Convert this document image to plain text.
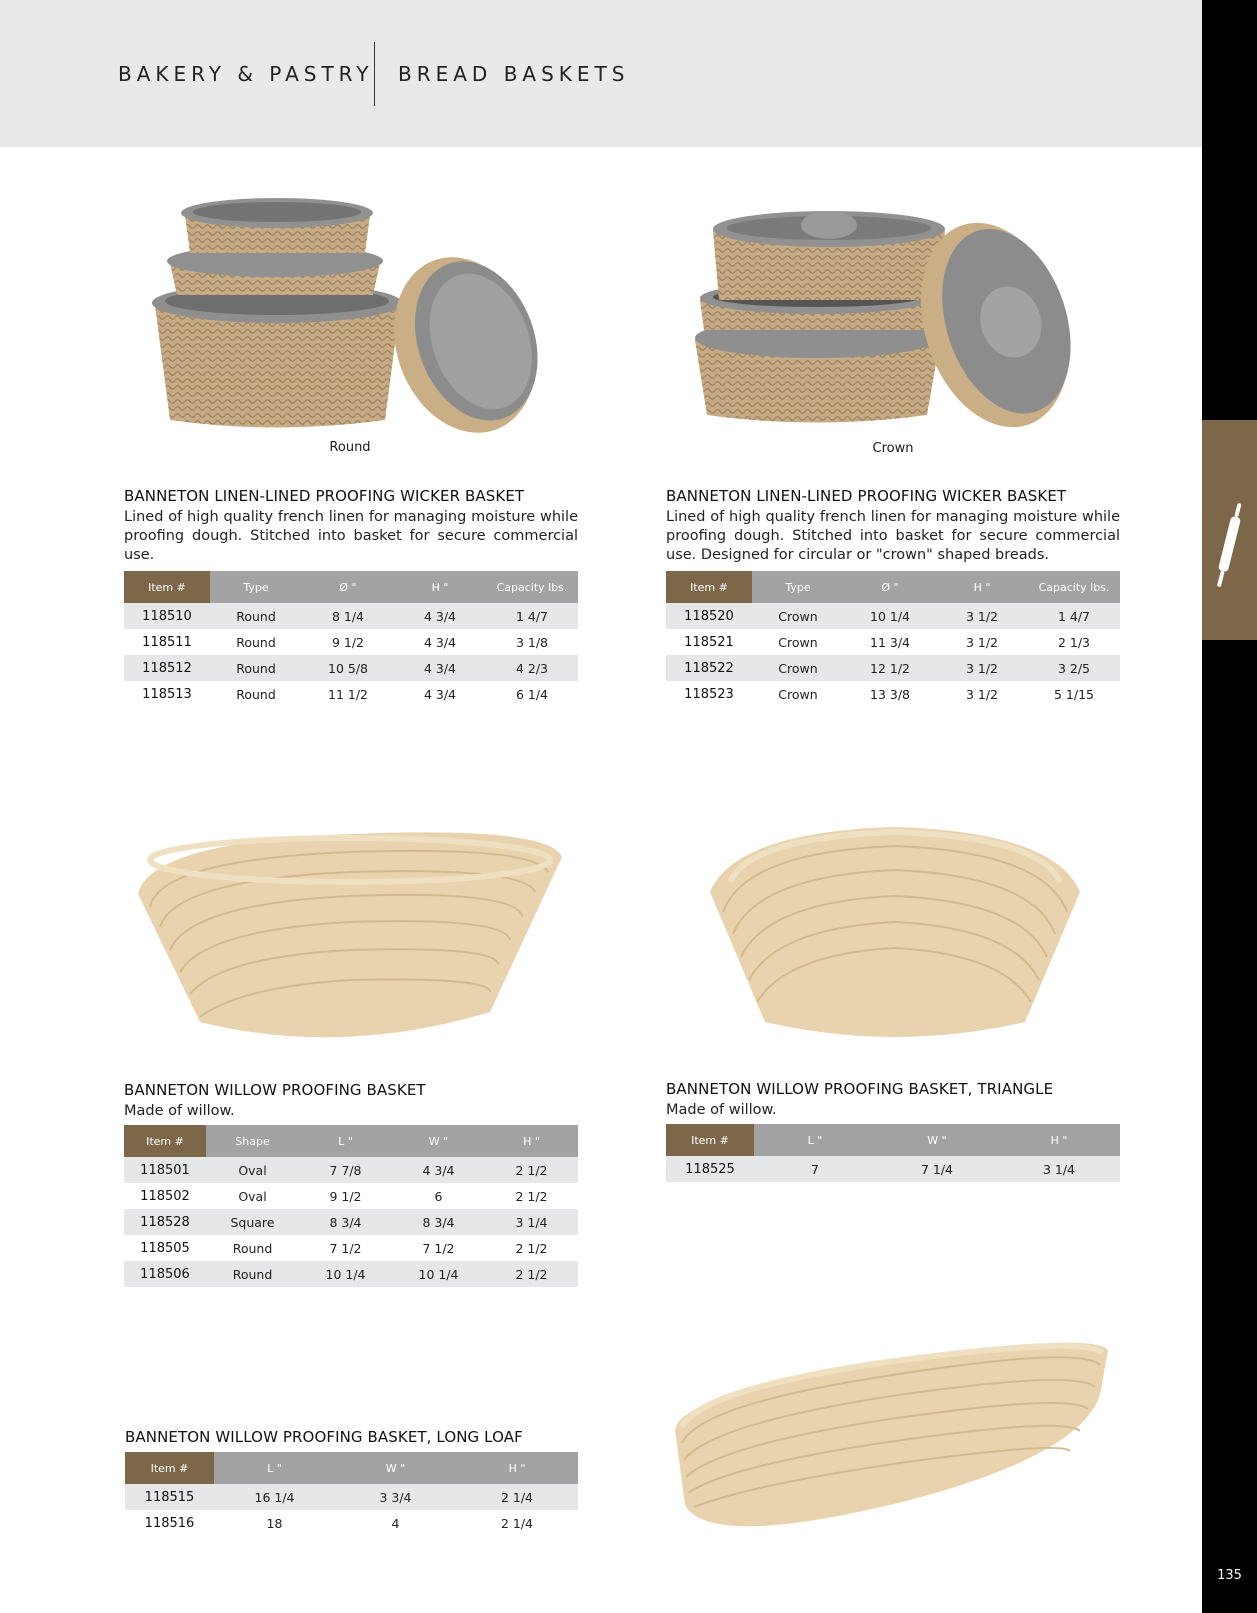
BAKERY & PASTRY BREAD BASKETS
135
Round
BANNETON LINEN-LINED PROOFING WICKER BASKET
Lined of high quality french linen for managing moisture while proofing dough. Stitched into basket for secure commercial use.
Item #	Type	Ø "	H "	Capacity lbs.
118510	Round	8 1/4	4 3/4	1 4/7
118511	Round	9 1/2	4 3/4	3 1/8
118512	Round	10 5/8	4 3/4	4 2/3
118513	Round	11 1/2	4 3/4	6 1/4
Crown
BANNETON LINEN-LINED PROOFING WICKER BASKET
Lined of high quality french linen for managing moisture while proofing dough. Stitched into basket for secure commercial use. Designed for circular or "crown" shaped breads.
Item #	Type	Ø "	H "	Capacity lbs.
118520	Crown	10 1/4	3 1/2	1 4/7
118521	Crown	11 3/4	3 1/2	2 1/3
118522	Crown	12 1/2	3 1/2	3 2/5
118523	Crown	13 3/8	3 1/2	5 1/15
BANNETON WILLOW PROOFING BASKET
Made of willow.
Item #	Shape	L "	W "	H "
118501	Oval	7 7/8	4 3/4	2 1/2
118502	Oval	9 1/2	6	2 1/2
118528	Square	8 3/4	8 3/4	3 1/4
118505	Round	7 1/2	7 1/2	2 1/2
118506	Round	10 1/4	10 1/4	2 1/2
BANNETON WILLOW PROOFING BASKET, TRIANGLE
Made of willow.
Item #	L "	W "	H "
118525	7	7 1/4	3 1/4
BANNETON WILLOW PROOFING BASKET, LONG LOAF
Item #	L "	W "	H "
118515	16 1/4	3 3/4	2 1/4
118516	18	4	2 1/4
